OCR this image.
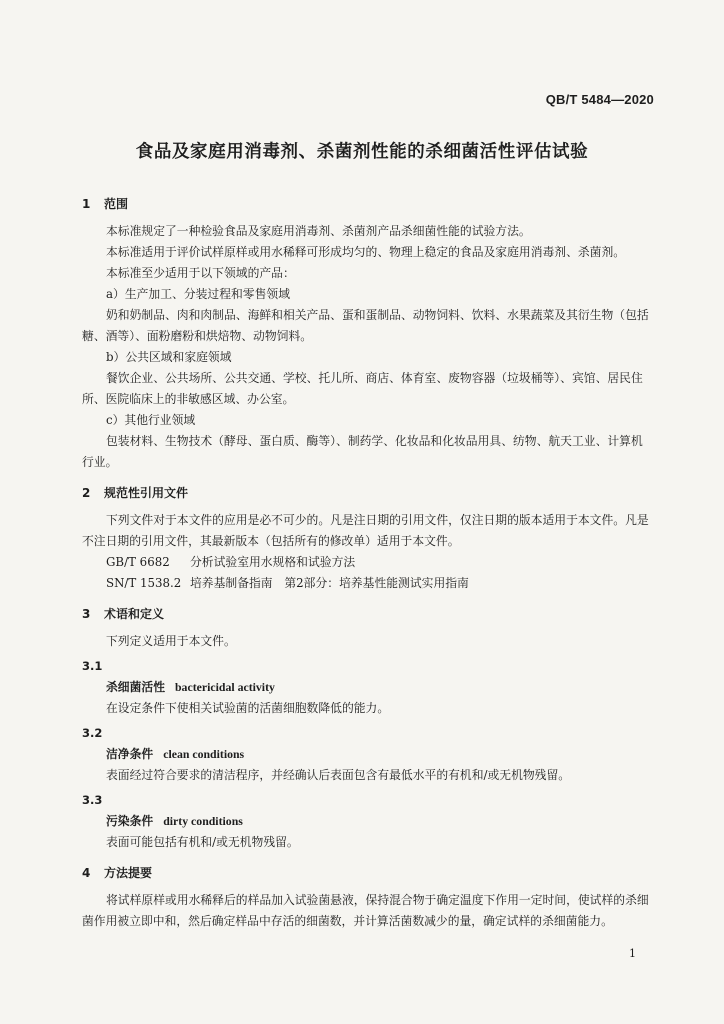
QB/T 5484—2020
食品及家庭用消毒剂、杀菌剂性能的杀细菌活性评估试验
1 范围

本标准规定了一种检验食品及家庭用消毒剂、杀菌剂产品杀细菌性能的试验方法。

本标准适用于评价试样原样或用水稀释可形成均匀的、物理上稳定的食品及家庭用消毒剂、杀菌剂。

本标准至少适用于以下领域的产品：

a）生产加工、分装过程和零售领域

奶和奶制品、肉和肉制品、海鲜和相关产品、蛋和蛋制品、动物饲料、饮料、水果蔬菜及其衍生物（包括糖、酒等）、面粉磨粉和烘焙物、动物饲料。

b）公共区域和家庭领域

餐饮企业、公共场所、公共交通、学校、托儿所、商店、体育室、废物容器（垃圾桶等）、宾馆、居民住所、医院临床上的非敏感区域、办公室。

c）其他行业领域

包装材料、生物技术（酵母、蛋白质、酶等）、制药学、化妆品和化妆品用具、纺物、航天工业、计算机行业。

2 规范性引用文件

下列文件对于本文件的应用是必不可少的。凡是注日期的引用文件，仅注日期的版本适用于本文件。凡是不注日期的引用文件，其最新版本（包括所有的修改单）适用于本文件。

GB/T 6682 分析试验室用水规格和试验方法

SN/T 1538.2 培养基制备指南　第2部分：培养基性能测试实用指南

3 术语和定义

下列定义适用于本文件。

3.1
杀细菌活性 bactericidal activity

在设定条件下使相关试验菌的活菌细胞数降低的能力。

3.2
洁净条件 clean conditions

表面经过符合要求的清洁程序，并经确认后表面包含有最低水平的有机和/或无机物残留。

3.3
污染条件 dirty conditions

表面可能包括有机和/或无机物残留。

4 方法提要

将试样原样或用水稀释后的样品加入试验菌悬液，保持混合物于确定温度下作用一定时间，使试样的杀细菌作用被立即中和，然后确定样品中存活的细菌数，并计算活菌数减少的量，确定试样的杀细菌能力。

1
